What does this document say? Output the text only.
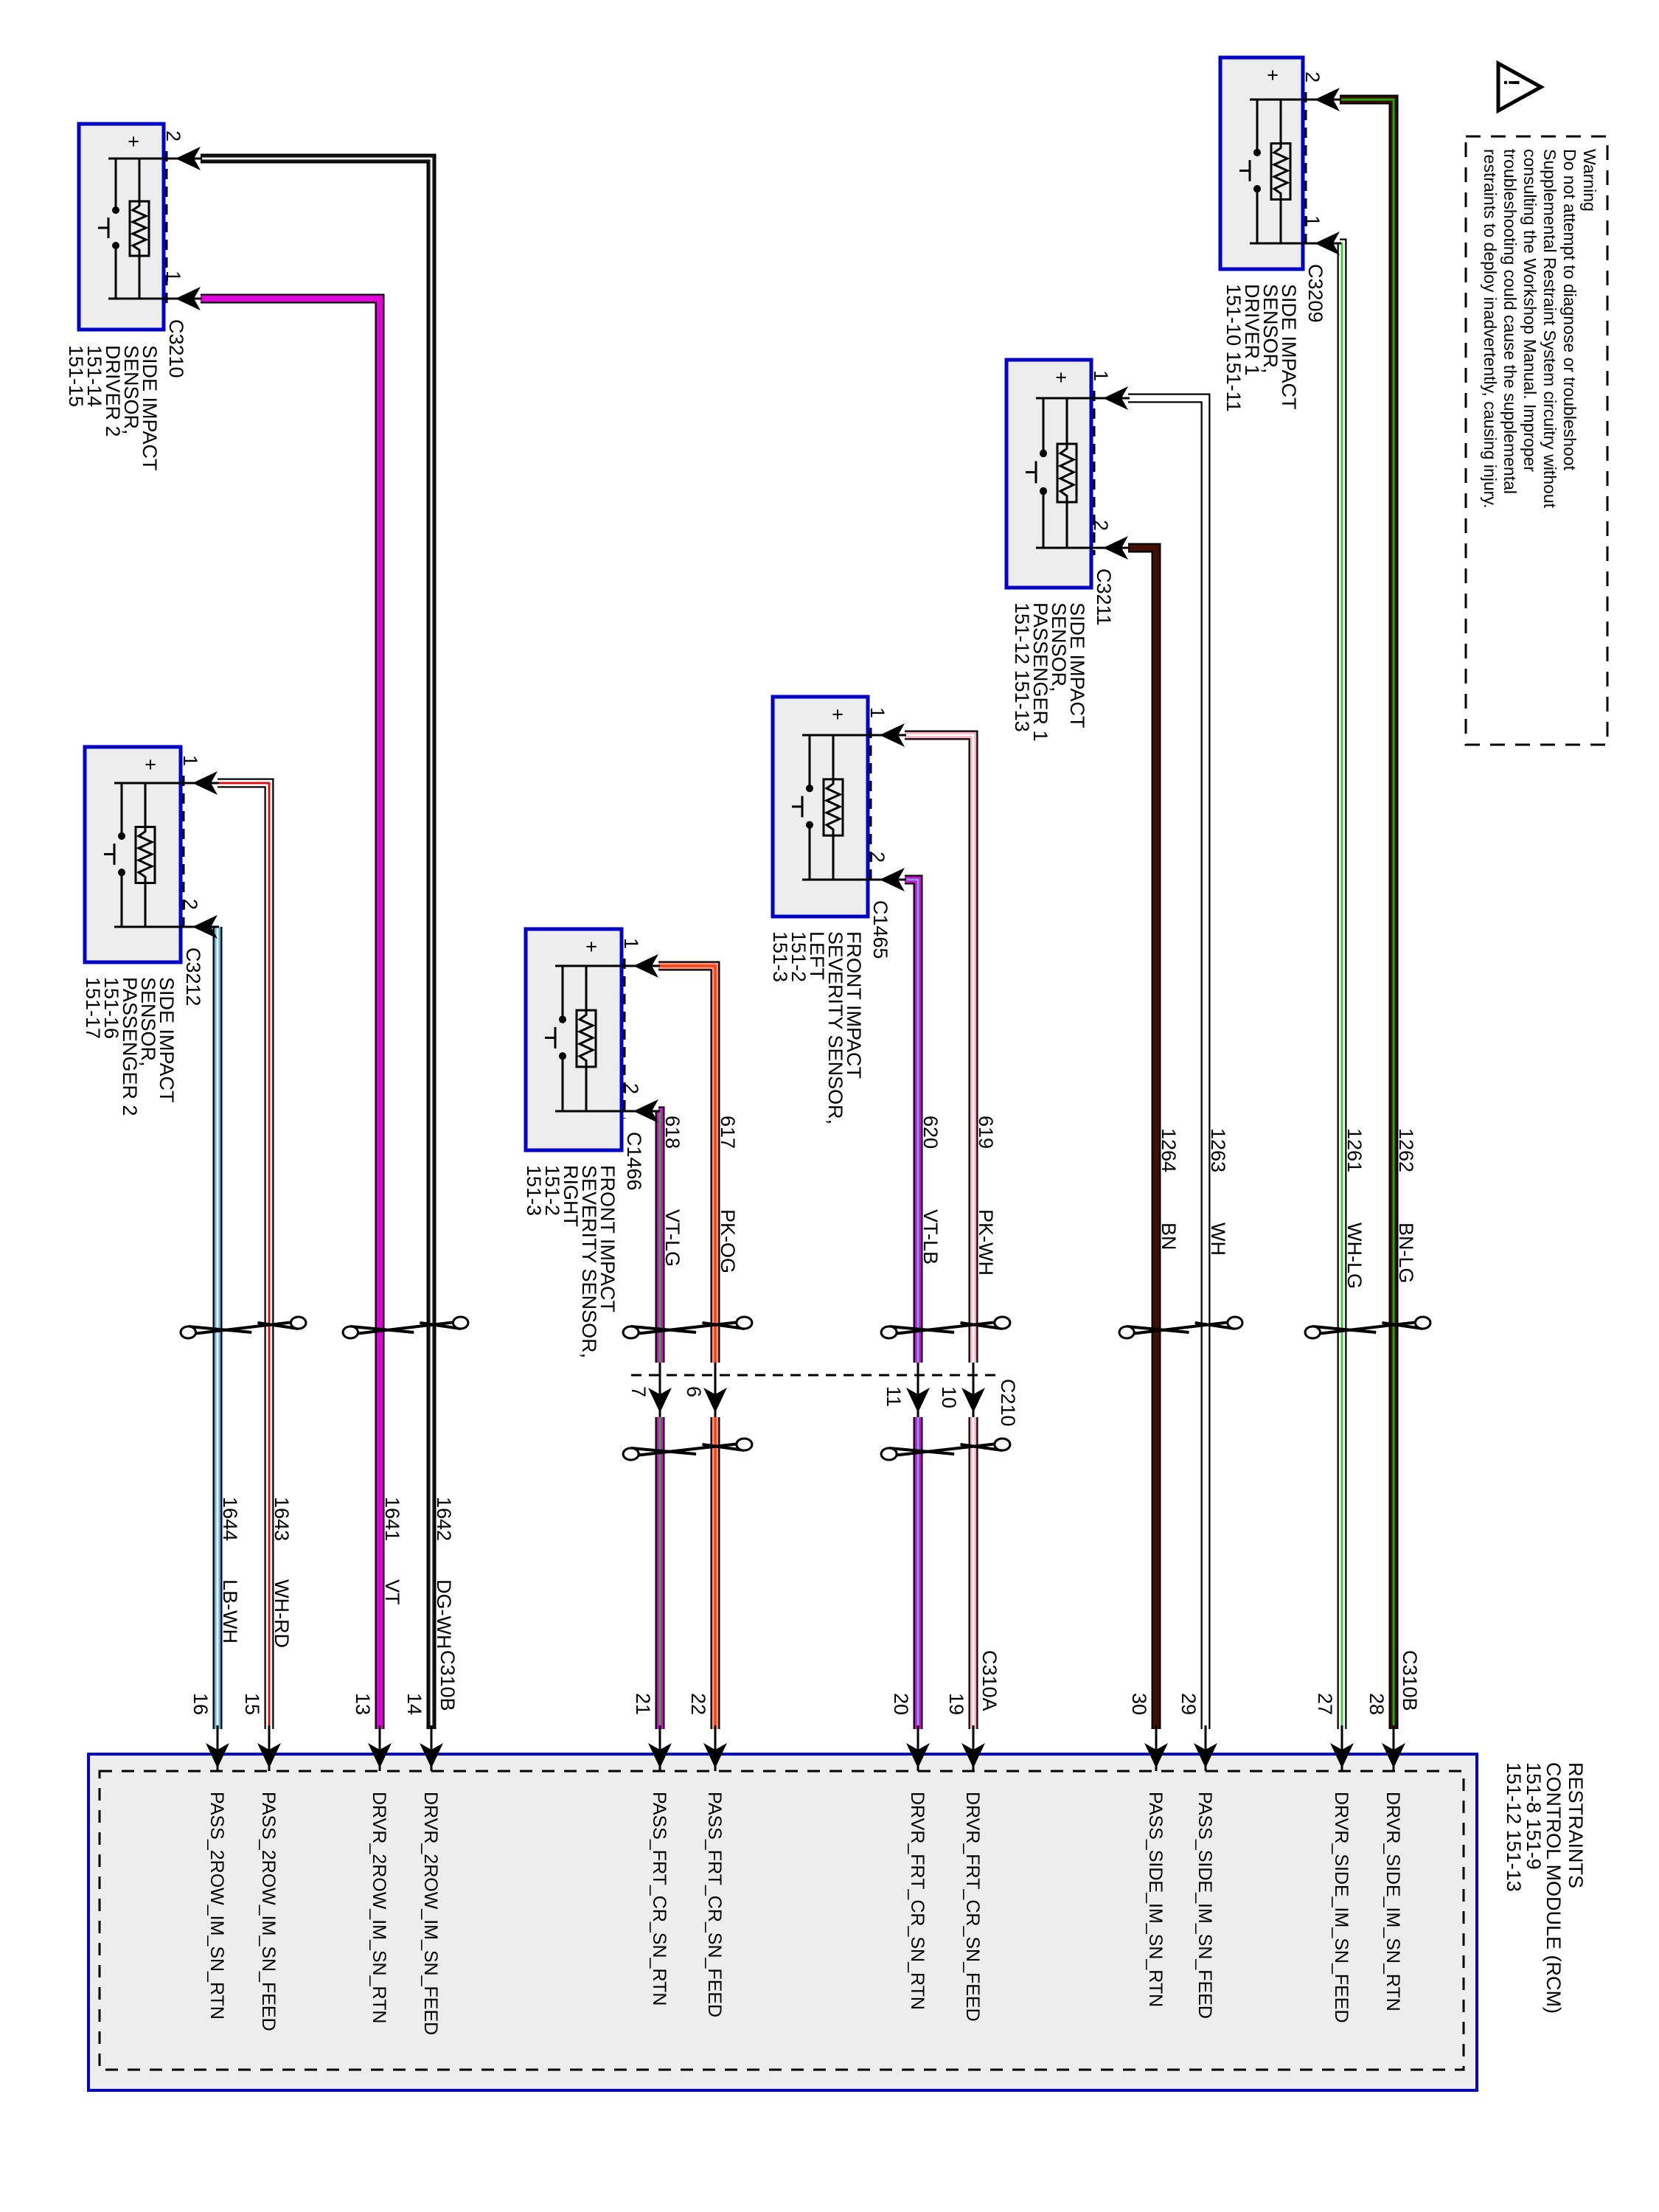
+ 2
1
C3210
SIDE IMPACT
SENSOR,
DRIVER 2
151-14
151-15
+ 1
2
C3212
SIDE IMPACT
SENSOR,
PASSENGER 2
151-16
151-17
+ 1
2
C1466
FRONT IMPACT
SEVERITY SENSOR,
RIGHT
151-2
151-3
+ 1
2
C1465
FRONT IMPACT
SEVERITY SENSOR,
LEFT
151-2
151-3
+ 1
2
C3211
SIDE IMPACT
SENSOR,
PASSENGER 1
151-12 151-13
+ 2
1
C3209
SIDE IMPACT
SENSOR,
DRIVER 1
151-10 151-11
7 6	11 10 C210
1644
LB-WH
1643
WH-RD
1641
VT
1642
DG-WH
618
VT-LG
617
PK-OG
620
VT-LB
619
PK-WH
1264
BN
1263
WH
1261
WH-LG
1262
BN-LG
16 15	13 14	21 22	20 19	30 29	27 28
C310B	C310A	C310B
PASS_2ROW_IM_SN_RTN PASS_2ROW_IM_SN_FEED	DRVR_2ROW_IM_SN_RTN DRVR_2ROW_IM_SN_FEED	PASS_FRT_CR_SN_RTN PASS_FRT_CR_SN_FEED	DRVR_FRT_CR_SN_RTN DRVR_FRT_CR_SN_FEED	PASS_SIDE_IM_SN_RTN PASS_SIDE_IM_SN_FEED	DRVR_SIDE_IM_SN_FEED DRVR_SIDE_IM_SN_RTN	RESTRAINTS
CONTROL MODULE (RCM)
151-8 151-9
151-12 151-13
!
Warning
Do not attempt to diagnose or troubleshoot
Supplemental Restraint System circuitry without
consulting the Workshop Manual. Improper
troubleshooting could cause the supplemental
restraints to deploy inadvertently, causing injury.
